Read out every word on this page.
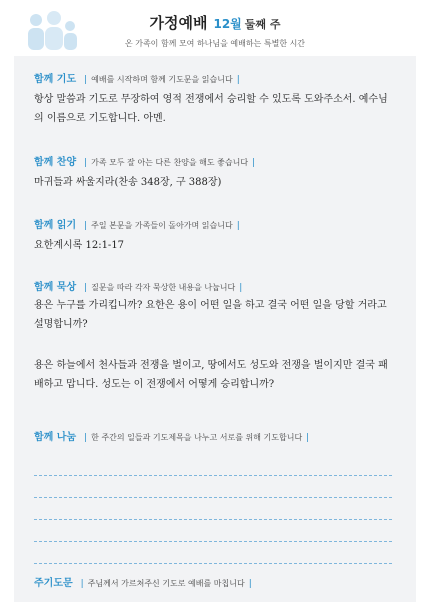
가정예배 12월 둘째 주
온 가족이 함께 모여 하나님을 예배하는 특별한 시간
함께 기도 | 예배를 시작하며 함께 기도문을 읽습니다 |
항상 말씀과 기도로 무장하여 영적 전쟁에서 승리할 수 있도록 도와주소서. 예수님의 이름으로 기도합니다. 아멘.
함께 찬양 | 가족 모두 잘 아는 다른 찬양을 해도 좋습니다 |
마귀들과 싸울지라(찬송 348장, 구 388장)
함께 읽기 | 주일 본문을 가족들이 돌아가며 읽습니다 |
요한계시록 12:1-17
함께 묵상 | 질문을 따라 각자 묵상한 내용을 나눕니다 |
용은 누구를 가리킵니까? 요한은 용이 어떤 일을 하고 결국 어떤 일을 당할 거라고 설명합니까?
용은 하늘에서 천사들과 전쟁을 벌이고, 땅에서도 성도와 전쟁을 벌이지만 결국 패배하고 맙니다. 성도는 이 전쟁에서 어떻게 승리합니까?
함께 나눔 | 한 주간의 일들과 기도제목을 나누고 서로를 위해 기도합니다 |
주기도문 | 주님께서 가르쳐주신 기도로 예배를 마칩니다 |
